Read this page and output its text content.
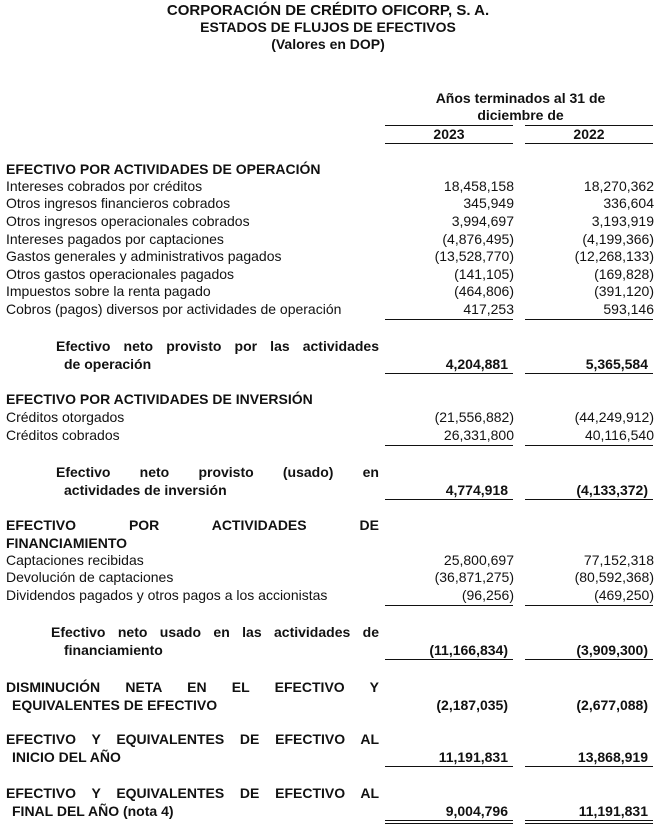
CORPORACIÓN DE CRÉDITO OFICORP, S. A.
ESTADOS DE FLUJOS DE EFECTIVOS
(Valores en DOP)
Años terminados al 31 de
diciembre de
2023	2022
EFECTIVO POR ACTIVIDADES DE OPERACIÓN
Intereses cobrados por créditos	18,458,158	18,270,362
Otros ingresos financieros cobrados	345,949	336,604
Otros ingresos operacionales cobrados	3,994,697	3,193,919
Intereses pagados por captaciones	(4,876,495)	(4,199,366)
Gastos generales y administrativos pagados	(13,528,770)	(12,268,133)
Otros gastos operacionales pagados	(141,105)	(169,828)
Impuestos sobre la renta pagado	(464,806)	(391,120)
Cobros (pagos) diversos por actividades de operación	417,253	593,146
Efectivo neto provisto por las actividades
de operación	4,204,881	5,365,584
EFECTIVO POR ACTIVIDADES DE INVERSIÓN
Créditos otorgados	(21,556,882)	(44,249,912)
Créditos cobrados	26,331,800	40,116,540
Efectivo neto provisto (usado) en
actividades de inversión	4,774,918	(4,133,372)
EFECTIVO POR ACTIVIDADES DE
FINANCIAMIENTO
Captaciones recibidas	25,800,697	77,152,318
Devolución de captaciones	(36,871,275)	(80,592,368)
Dividendos pagados y otros pagos a los accionistas	(96,256)	(469,250)
Efectivo neto usado en las actividades de
financiamiento	(11,166,834)	(3,909,300)
DISMINUCIÓN NETA EN EL EFECTIVO Y
EQUIVALENTES DE EFECTIVO	(2,187,035)	(2,677,088)
EFECTIVO Y EQUIVALENTES DE EFECTIVO AL
INICIO DEL AÑO	11,191,831	13,868,919
EFECTIVO Y EQUIVALENTES DE EFECTIVO AL
FINAL DEL AÑO (nota 4)	9,004,796	11,191,831
